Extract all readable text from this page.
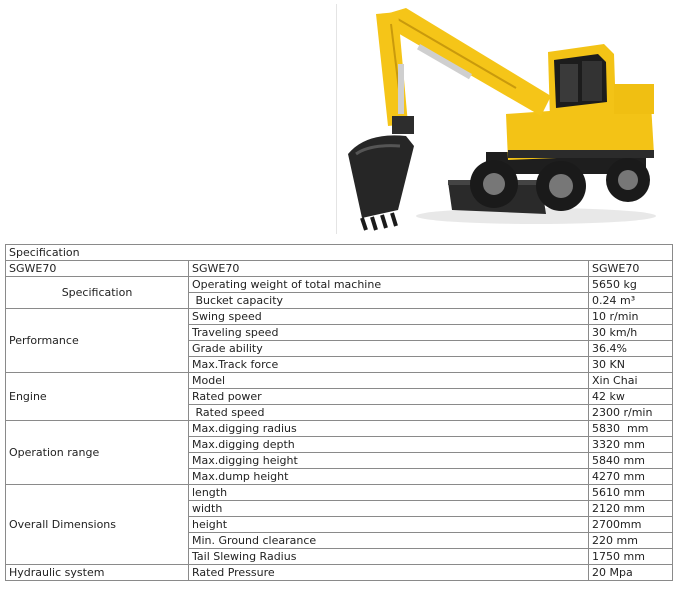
Specification		
SGWE70	SGWE70	SGWE70
Specification	Operating weight of total machine	5650 kg
	Bucket capacity	0.24 m³
Performance	Swing speed	10 r/min
	Traveling speed	30 km/h
	Grade ability	36.4%
	Max.Track force	30 KN
Engine	Model	Xin Chai
	Rated power	42 kw
	Rated speed	2300 r/min
Operation range	Max.digging radius	5830  mm
	Max.digging depth	3320 mm
	Max.digging height	5840 mm
	Max.dump height	4270 mm
Overall Dimensions	length	5610 mm
	width	2120 mm
	height	2700mm
	Min. Ground clearance	220 mm
	Tail Slewing Radius	1750 mm
Hydraulic system	Rated Pressure	20 Mpa
